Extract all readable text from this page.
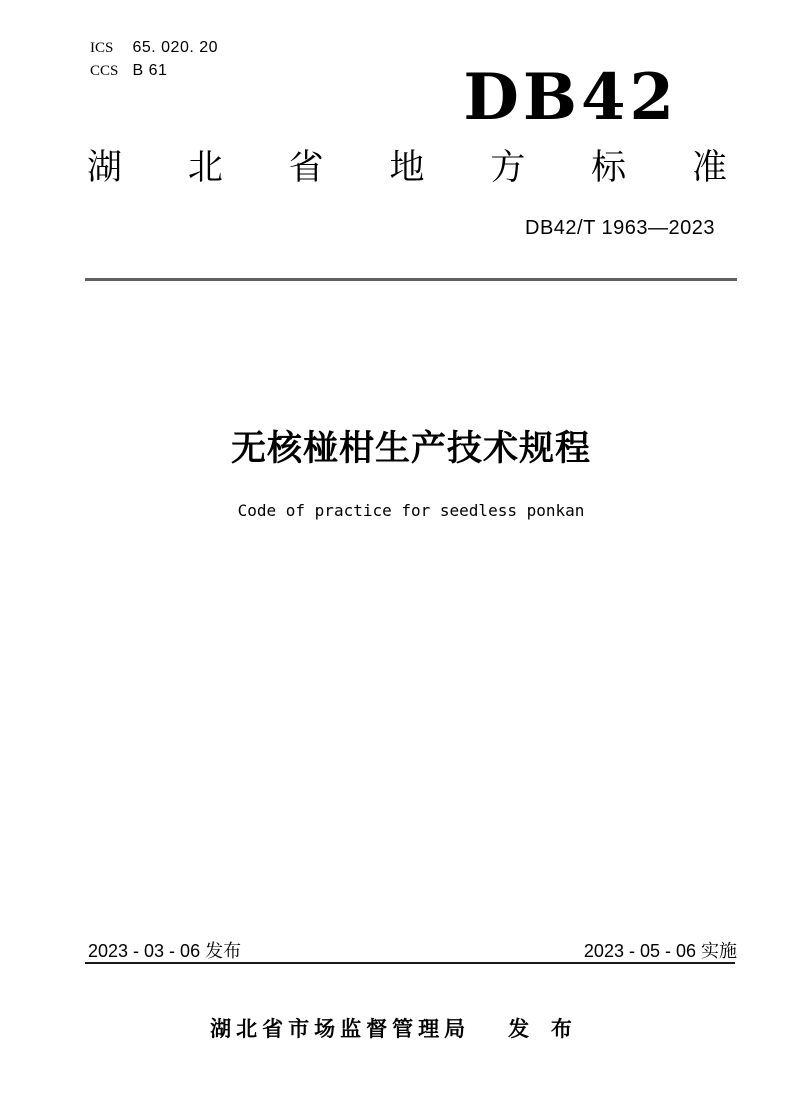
ICS 65. 020. 20
CCS B 61	DB42
湖 北 省 地 方 标 准
DB42/T 1963—2023
无核椪柑生产技术规程
Code of practice for seedless ponkan
2023 - 03 - 06 发布	2023 - 05 - 06 实施
湖北省市场监督管理局 发 布
